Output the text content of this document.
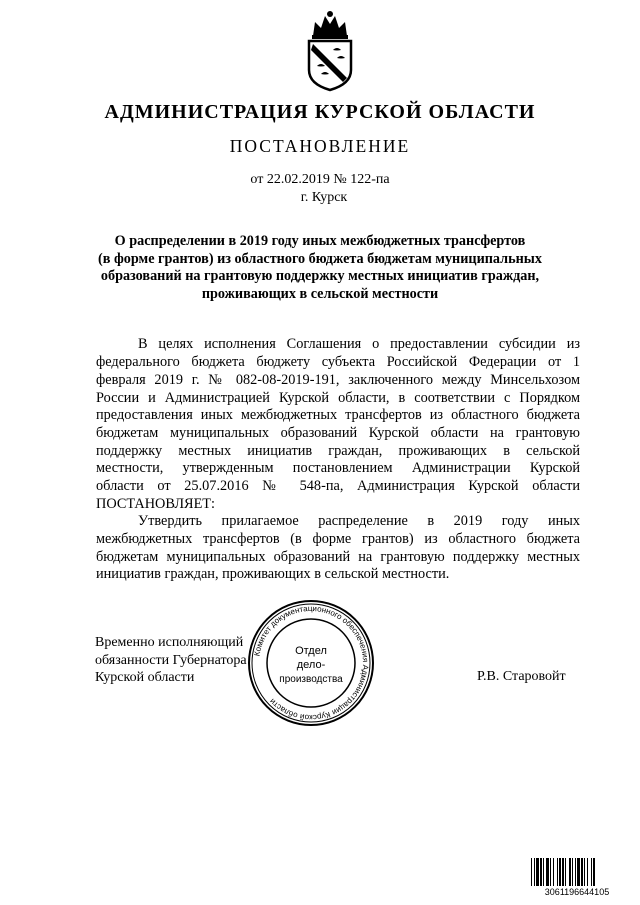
АДМИНИСТРАЦИЯ КУРСКОЙ ОБЛАСТИ
ПОСТАНОВЛЕНИЕ
от 22.02.2019 № 122-па
г. Курск
О распределении в 2019 году иных межбюджетных трансфертов
(в форме грантов) из областного бюджета бюджетам муниципальных
образований на грантовую поддержку местных инициатив граждан,
проживающих в сельской местности
В целях исполнения Соглашения о предоставлении субсидии из
федерального бюджета бюджету субъекта Российской Федерации от 1
февраля 2019 г. № 082-08-2019-191, заключенного между Минсельхозом
России и Администрацией Курской области, в соответствии с Порядком
предоставления иных межбюджетных трансфертов из областного бюджета
бюджетам муниципальных образований Курской области на грантовую
поддержку местных инициатив граждан, проживающих в сельской
местности, утвержденным постановлением Администрации Курской
области от 25.07.2016 № 548-па, Администрация Курской области
ПОСТАНОВЛЯЕТ:
Утвердить прилагаемое распределение в 2019 году иных
межбюджетных трансфертов (в форме грантов) из областного бюджета
бюджетам муниципальных образований на грантовую поддержку местных
инициатив граждан, проживающих в сельской местности.
Временно исполняющий
обязанности Губернатора
Курской области	Р.В. Старовойт
Комитет документационного обеспечения Администрации Курской области
Отдел
дело-
производства
3061196644105
